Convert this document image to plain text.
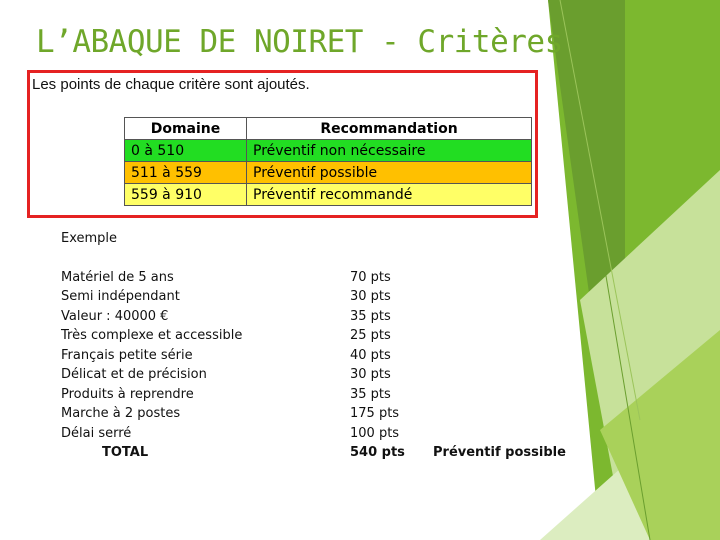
L’ABAQUE DE NOIRET - Critères
Les points de chaque critère sont ajoutés.
Domaine	Recommandation
0 à 510	Préventif non nécessaire
511 à 559	Préventif possible
559 à 910	Préventif recommandé
Exemple
Matériel de 5 ans	70 pts
Semi indépendant	30 pts
Valeur : 40000 €	35 pts
Très complexe et accessible	25 pts
Français petite série	40 pts
Délicat et de précision	30 pts
Produits à reprendre	35 pts
Marche à 2 postes	175 pts
Délai serré	100 pts
TOTAL	540 pts Préventif possible
